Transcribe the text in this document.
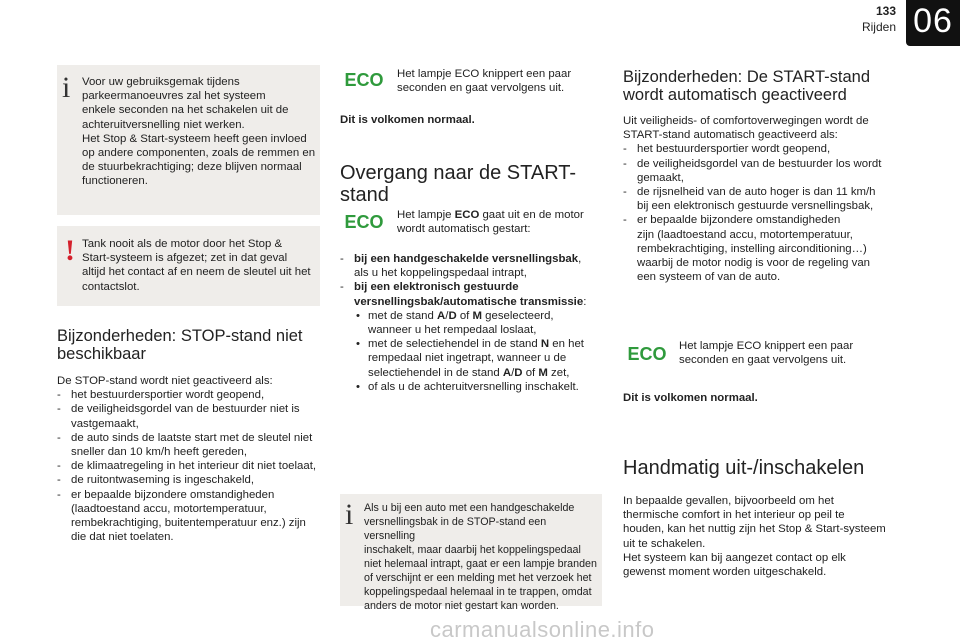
133
Rijden 06
i Voor uw gebruiksgemak tijdens
parkeermanoeuvres zal het systeem
enkele seconden na het schakelen uit de
achteruitversnelling niet werken.
Het Stop & Start-systeem heeft geen invloed
op andere componenten, zoals de remmen en
de stuurbekrachtiging; deze blijven normaal
functioneren.
! Tank nooit als de motor door het Stop &
Start-systeem is afgezet; zet in dat geval
altijd het contact af en neem de sleutel uit het
contactslot.
Bijzonderheden: STOP-stand niet
beschikbaar
De STOP-stand wordt niet geactiveerd als:
- het bestuurdersportier wordt geopend,
- de veiligheidsgordel van de bestuurder niet is
vastgemaakt,
- de auto sinds de laatste start met de sleutel niet
sneller dan 10 km/h heeft gereden,
- de klimaatregeling in het interieur dit niet toelaat,
- de ruitontwaseming is ingeschakeld,
- er bepaalde bijzondere omstandigheden
(laadtoestand accu, motortemperatuur,
rembekrachtiging, buitentemperatuur enz.) zijn
die dat niet toelaten.
ECO Het lampje ECO knippert een paar
seconden en gaat vervolgens uit.
Dit is volkomen normaal.
Overgang naar de START-
stand
ECO Het lampje ECO gaat uit en de motor
wordt automatisch gestart:
- bij een handgeschakelde versnellingsbak,
als u het koppelingspedaal intrapt,
- bij een elektronisch gestuurde
versnellingsbak/automatische transmissie:
• met de stand A/D of M geselecteerd,
wanneer u het rempedaal loslaat,
• met de selectiehendel in de stand N en het
rempedaal niet ingetrapt, wanneer u de
selectiehendel in de stand A/D of M zet,
• of als u de achteruitversnelling inschakelt.
i Als u bij een auto met een handgeschakelde
versnellingsbak in de STOP-stand een versnelling
inschakelt, maar daarbij het koppelingspedaal
niet helemaal intrapt, gaat er een lampje branden
of verschijnt er een melding met het verzoek het
koppelingspedaal helemaal in te trappen, omdat
anders de motor niet gestart kan worden.
Bijzonderheden: De START-stand
wordt automatisch geactiveerd
Uit veiligheids- of comfortoverwegingen wordt de
START-stand automatisch geactiveerd als:
- het bestuurdersportier wordt geopend,
- de veiligheidsgordel van de bestuurder los wordt
gemaakt,
- de rijsnelheid van de auto hoger is dan 11 km/h
bij een elektronisch gestuurde versnellingsbak,
- er bepaalde bijzondere omstandigheden
zijn (laadtoestand accu, motortemperatuur,
rembekrachtiging, instelling airconditioning…)
waarbij de motor nodig is voor de regeling van
een systeem of van de auto.
ECO Het lampje ECO knippert een paar
seconden en gaat vervolgens uit.
Dit is volkomen normaal.
Handmatig uit-/inschakelen
In bepaalde gevallen, bijvoorbeeld om het
thermische comfort in het interieur op peil te
houden, kan het nuttig zijn het Stop & Start-systeem
uit te schakelen.
Het systeem kan bij aangezet contact op elk
gewenst moment worden uitgeschakeld.
carmanualsonline.info
